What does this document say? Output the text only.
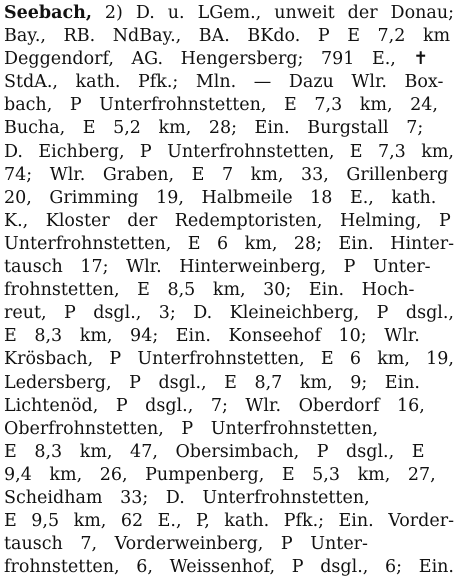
Seebach, 2) D. u. LGem., unweit der Donau;
Bay., RB. NdBay., BA. BKdo. P E 7,2 km
Deggendorf, AG. Hengersberg; 791 E., ✝
StdA., kath. Pfk.; Mln. — Dazu Wlr. Box-
bach, P Unterfrohnstetten, E 7,3 km, 24,
Bucha, E 5,2 km, 28; Ein. Burgstall 7;
D. Eichberg, P Unterfrohnstetten, E 7,3 km,
74; Wlr. Graben, E 7 km, 33, Grillenberg
20, Grimming 19, Halbmeile 18 E., kath.
K., Kloster der Redemptoristen, Helming, P
Unterfrohnstetten, E 6 km, 28; Ein. Hinter-
tausch 17; Wlr. Hinterweinberg, P Unter-
frohnstetten, E 8,5 km, 30; Ein. Hoch-
reut, P dsgl., 3; D. Kleineichberg, P dsgl.,
E 8,3 km, 94; Ein. Konseehof 10; Wlr.
Krösbach, P Unterfrohnstetten, E 6 km, 19,
Ledersberg, P dsgl., E 8,7 km, 9; Ein.
Lichtenöd, P dsgl., 7; Wlr. Oberdorf 16,
Oberfrohnstetten, P Unterfrohnstetten,
E 8,3 km, 47, Obersimbach, P dsgl., E
9,4 km, 26, Pumpenberg, E 5,3 km, 27,
Scheidham 33; D. Unterfrohnstetten,
E 9,5 km, 62 E., P, kath. Pfk.; Ein. Vorder-
tausch 7, Vorderweinberg, P Unter-
frohnstetten, 6, Weissenhof, P dsgl., 6; Ein.
